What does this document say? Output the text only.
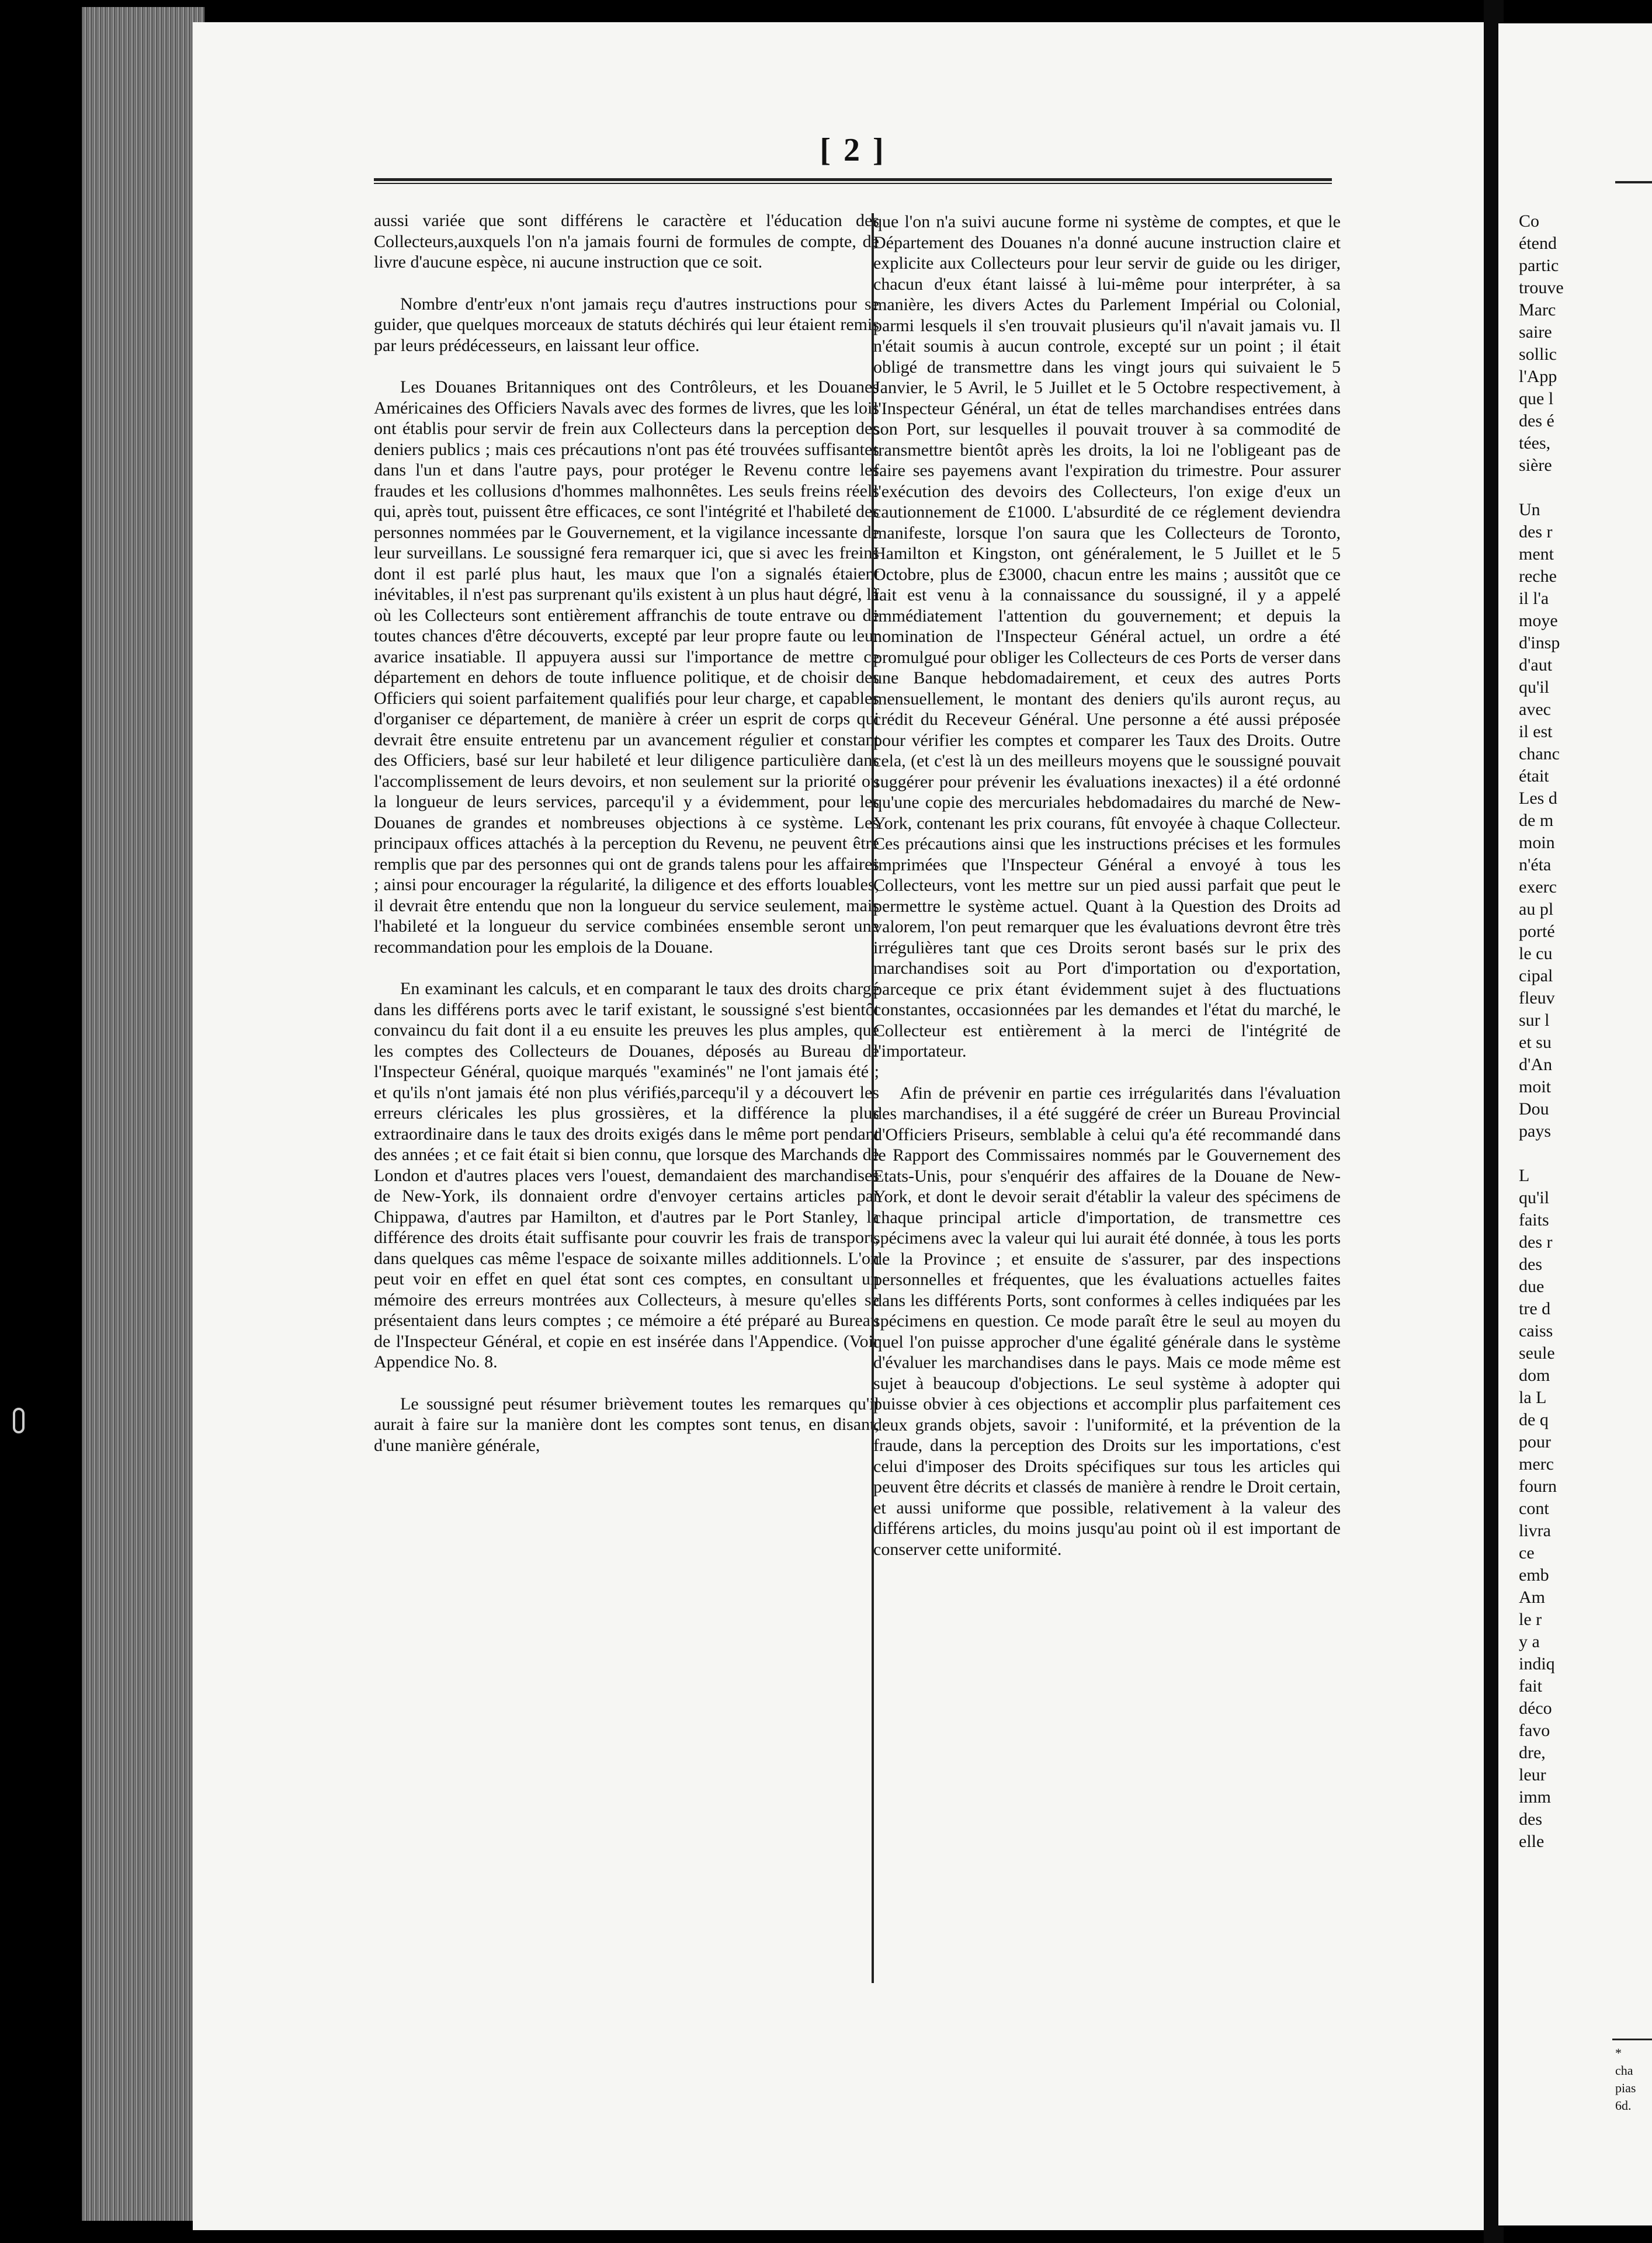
[ 2 ]

aussi variée que sont différens le caractère et l'éducation des Collecteurs,auxquels l'on n'a jamais fourni de formules de compte, de livre d'aucune espèce, ni aucune instruction que ce soit.

Nombre d'entr'eux n'ont jamais reçu d'autres instructions pour se guider, que quelques morceaux de statuts déchirés qui leur étaient remis par leurs prédécesseurs, en laissant leur office.

Les Douanes Britanniques ont des Contrôleurs, et les Douanes Américaines des Officiers Navals avec des formes de livres, que les lois ont établis pour servir de frein aux Collecteurs dans la perception des deniers publics ; mais ces précautions n'ont pas été trouvées suffisantes dans l'un et dans l'autre pays, pour protéger le Revenu contre les fraudes et les collusions d'hommes malhonnêtes. Les seuls freins réels qui, après tout, puissent être efficaces, ce sont l'intégrité et l'habileté des personnes nommées par le Gouvernement, et la vigilance incessante de leur surveillans. Le soussigné fera remarquer ici, que si avec les freins dont il est parlé plus haut, les maux que l'on a signalés étaient inévitables, il n'est pas surprenant qu'ils existent à un plus haut dégré, là où les Collecteurs sont entièrement affranchis de toute entrave ou de toutes chances d'être découverts, excepté par leur propre faute ou leur avarice insatiable. Il appuyera aussi sur l'importance de mettre ce département en dehors de toute influence politique, et de choisir des Officiers qui soient parfaitement qualifiés pour leur charge, et capables d'organiser ce département, de manière à créer un esprit de corps qui devrait être ensuite entretenu par un avancement régulier et constant des Officiers, basé sur leur habileté et leur diligence particulière dans l'accomplissement de leurs devoirs, et non seulement sur la priorité ou la longueur de leurs services, parcequ'il y a évidemment, pour les Douanes de grandes et nombreuses objections à ce système. Les principaux offices attachés à la perception du Revenu, ne peuvent être remplis que par des personnes qui ont de grands talens pour les affaires ; ainsi pour encourager la régularité, la diligence et des efforts louables, il devrait être entendu que non la longueur du service seulement, mais l'habileté et la longueur du service combinées ensemble seront une recommandation pour les emplois de la Douane.

En examinant les calculs, et en comparant le taux des droits chargé dans les différens ports avec le tarif existant, le soussigné s'est bientôt convaincu du fait dont il a eu ensuite les preuves les plus amples, que les comptes des Collecteurs de Douanes, déposés au Bureau de l'Inspecteur Général, quoique marqués "examinés" ne l'ont jamais été ; et qu'ils n'ont jamais été non plus vérifiés,parcequ'il y a découvert les erreurs cléricales les plus grossières, et la différence la plus extraordinaire dans le taux des droits exigés dans le même port pendant des années ; et ce fait était si bien connu, que lorsque des Marchands de London et d'autres places vers l'ouest, demandaient des marchandises de New-York, ils donnaient ordre d'envoyer certains articles par Chippawa, d'autres par Hamilton, et d'autres par le Port Stanley, la différence des droits était suffisante pour couvrir les frais de transport, dans quelques cas même l'espace de soixante milles additionnels. L'on peut voir en effet en quel état sont ces comptes, en consultant un mémoire des erreurs montrées aux Collecteurs, à mesure qu'elles se présentaient dans leurs comptes ; ce mémoire a été préparé au Bureau de l'Inspecteur Général, et copie en est insérée dans l'Appendice. (Voir Appendice No. 8.

Le soussigné peut résumer brièvement toutes les remarques qu'il aurait à faire sur la manière dont les comptes sont tenus, en disant, d'une manière générale,

que l'on n'a suivi aucune forme ni système de comptes, et que le Département des Douanes n'a donné aucune instruction claire et explicite aux Collecteurs pour leur servir de guide ou les diriger, chacun d'eux étant laissé à lui-même pour interpréter, à sa manière, les divers Actes du Parlement Impérial ou Colonial, parmi lesquels il s'en trouvait plusieurs qu'il n'avait jamais vu. Il n'était soumis à aucun controle, excepté sur un point ; il était obligé de transmettre dans les vingt jours qui suivaient le 5 Janvier, le 5 Avril, le 5 Juillet et le 5 Octobre respectivement, à l'Inspecteur Général, un état de telles marchandises entrées dans son Port, sur lesquelles il pouvait trouver à sa commodité de transmettre bientôt après les droits, la loi ne l'obligeant pas de faire ses payemens avant l'expiration du trimestre. Pour assurer l'exécution des devoirs des Collecteurs, l'on exige d'eux un cautionnement de £1000. L'absurdité de ce réglement deviendra manifeste, lorsque l'on saura que les Collecteurs de Toronto, Hamilton et Kingston, ont généralement, le 5 Juillet et le 5 Octobre, plus de £3000, chacun entre les mains ; aussitôt que ce fait est venu à la connaissance du soussigné, il y a appelé immédiatement l'attention du gouvernement; et depuis la nomination de l'Inspecteur Général actuel, un ordre a été promulgué pour obliger les Collecteurs de ces Ports de verser dans une Banque hebdomadairement, et ceux des autres Ports mensuellement, le montant des deniers qu'ils auront reçus, au crédit du Receveur Général. Une personne a été aussi préposée pour vérifier les comptes et comparer les Taux des Droits. Outre cela, (et c'est là un des meilleurs moyens que le soussigné pouvait suggérer pour prévenir les évaluations inexactes) il a été ordonné qu'une copie des mercuriales hebdomadaires du marché de New-York, contenant les prix courans, fût envoyée à chaque Collecteur. Ces précautions ainsi que les instructions précises et les formules imprimées que l'Inspecteur Général a envoyé à tous les Collecteurs, vont les mettre sur un pied aussi parfait que peut le permettre le système actuel. Quant à la Question des Droits ad valorem, l'on peut remarquer que les évaluations devront être très irrégulières tant que ces Droits seront basés sur le prix des marchandises soit au Port d'importation ou d'exportation, parceque ce prix étant évidemment sujet à des fluctuations constantes, occasionnées par les demandes et l'état du marché, le Collecteur est entièrement à la merci de l'intégrité de l'importateur.

Afin de prévenir en partie ces irrégularités dans l'évaluation des marchandises, il a été suggéré de créer un Bureau Provincial d'Officiers Priseurs, semblable à celui qu'a été recommandé dans le Rapport des Commissaires nommés par le Gouvernement des Etats-Unis, pour s'enquérir des affaires de la Douane de New-York, et dont le devoir serait d'établir la valeur des spécimens de chaque principal article d'importation, de transmettre ces spécimens avec la valeur qui lui aurait été donnée, à tous les ports de la Province ; et ensuite de s'assurer, par des inspections personnelles et fréquentes, que les évaluations actuelles faites dans les différents Ports, sont conformes à celles indiquées par les spécimens en question. Ce mode paraît être le seul au moyen du quel l'on puisse approcher d'une égalité générale dans le système d'évaluer les marchandises dans le pays. Mais ce mode même est sujet à beaucoup d'objections. Le seul système à adopter qui puisse obvier à ces objections et accomplir plus parfaitement ces deux grands objets, savoir : l'uniformité, et la prévention de la fraude, dans la perception des Droits sur les importations, c'est celui d'imposer des Droits spécifiques sur tous les articles qui peuvent être décrits et classés de manière à rendre le Droit certain, et aussi uniforme que possible, relativement à la valeur des différens articles, du moins jusqu'au point où il est important de conserver cette uniformité.

Co
étend
partic
trouve
Marc
saire
sollic
l'App
que l
des é
tées,
sière

Un
des r
ment
reche
il l'a
moye
d'insp
d'aut
qu'il
avec
il est
chanc
était
Les d
de m
moin
n'éta
exerc
au pl
porté
le cu
cipal
fleuv
sur l
et su
d'An
moit
Dou
pays

L
qu'il
faits
des r
des
due
tre d
caiss
seule
dom
la L
de q
pour
merc
fourn
cont
livra
ce
emb
Am
le r
y a
indiq
fait
déco
favo
dre,
leur
imm
des
elle
*
cha
pias
6d.
